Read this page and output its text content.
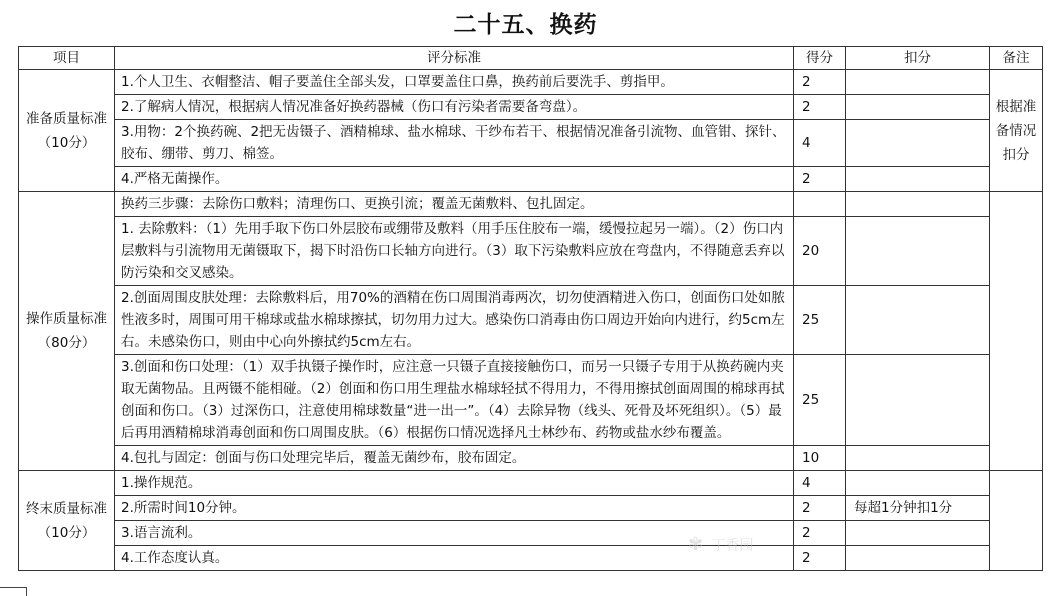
二十五、换药
项目	评分标准	得分	扣分	备注
准备质量标准（10分）	1.个人卫生、衣帽整洁、帽子要盖住全部头发，口罩要盖住口鼻，换药前后要洗手、剪指甲。	2		根据准备情况扣分
	2.了解病人情况，根据病人情况准备好换药器械（伤口有污染者需要备弯盘）。	2		
	3.用物：2个换药碗、2把无齿镊子、酒精棉球、盐水棉球、干纱布若干、根据情况准备引流物、血管钳、探针、胶布、绷带、剪刀、棉签。	4		
	4.严格无菌操作。	2		
操作质量标准（80分）	换药三步骤：去除伤口敷料；清理伤口、更换引流；覆盖无菌敷料、包扎固定。			
	1. 去除敷料：（1）先用手取下伤口外层胶布或绷带及敷料（用手压住胶布一端，缓慢拉起另一端）。（2）伤口内层敷料与引流物用无菌镊取下，揭下时沿伤口长轴方向进行。（3）取下污染敷料应放在弯盘内，不得随意丢弃以防污染和交叉感染。	20		
	2.创面周围皮肤处理：去除敷料后，用70%的酒精在伤口周围消毒两次，切勿使酒精进入伤口，创面伤口处如脓性液多时，周围可用干棉球或盐水棉球擦拭，切勿用力过大。感染伤口消毒由伤口周边开始向内进行，约5cm左右。未感染伤口，则由中心向外擦拭约5cm左右。	25		
	3.创面和伤口处理：（1）双手执镊子操作时，应注意一只镊子直接接触伤口，而另一只镊子专用于从换药碗内夹取无菌物品。且两镊不能相碰。（2）创面和伤口用生理盐水棉球轻拭不得用力，不得用擦拭创面周围的棉球再拭创面和伤口。（3）过深伤口，注意使用棉球数量“进一出一”。（4）去除异物（线头、死骨及坏死组织）。（5）最后再用酒精棉球消毒创面和伤口周围皮肤。（6）根据伤口情况选择凡士林纱布、药物或盐水纱布覆盖。	25		
	4.包扎与固定：创面与伤口处理完毕后，覆盖无菌纱布，胶布固定。	10		
终末质量标准（10分）	1.操作规范。	4		
	2.所需时间10分钟。	2	每超1分钟扣1分	
	3.语言流利。	2		
	4.工作态度认真。	2		
✾ 丁香园
